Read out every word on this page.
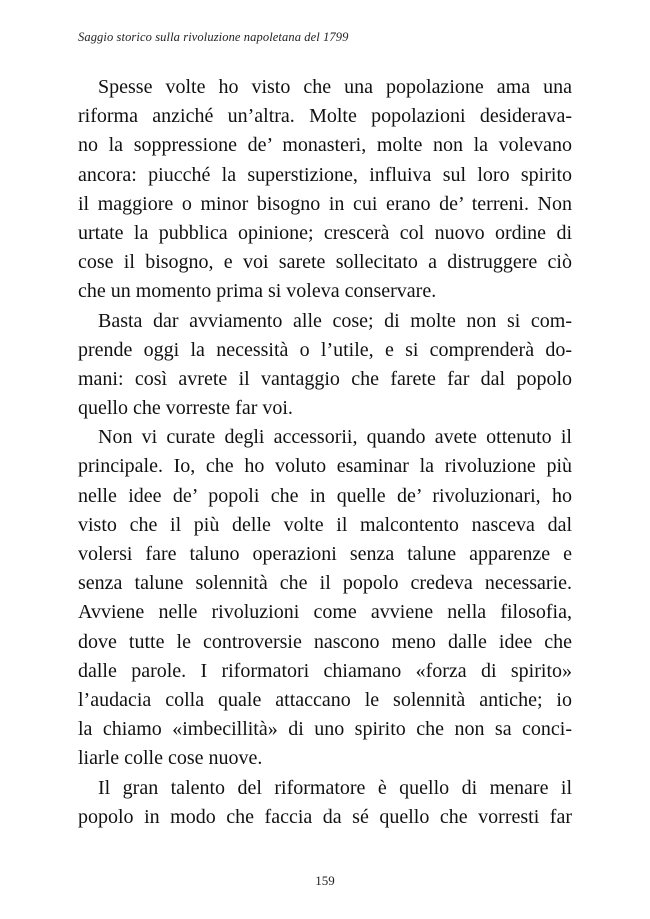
Saggio storico sulla rivoluzione napoletana del 1799
Spesse volte ho visto che una popolazione ama una
riforma anziché un’altra. Molte popolazioni desiderava-
no la soppressione de’ monasteri, molte non la volevano
ancora: piucché la superstizione, influiva sul loro spirito
il maggiore o minor bisogno in cui erano de’ terreni. Non
urtate la pubblica opinione; crescerà col nuovo ordine di
cose il bisogno, e voi sarete sollecitato a distruggere ciò
che un momento prima si voleva conservare.
Basta dar avviamento alle cose; di molte non si com-
prende oggi la necessità o l’utile, e si comprenderà do-
mani: così avrete il vantaggio che farete far dal popolo
quello che vorreste far voi.
Non vi curate degli accessorii, quando avete ottenuto il
principale. Io, che ho voluto esaminar la rivoluzione più
nelle idee de’ popoli che in quelle de’ rivoluzionari, ho
visto che il più delle volte il malcontento nasceva dal
volersi fare taluno operazioni senza talune apparenze e
senza talune solennità che il popolo credeva necessarie.
Avviene nelle rivoluzioni come avviene nella filosofia,
dove tutte le controversie nascono meno dalle idee che
dalle parole. I riformatori chiamano «forza di spirito»
l’audacia colla quale attaccano le solennità antiche; io
la chiamo «imbecillità» di uno spirito che non sa conci-
liarle colle cose nuove.
Il gran talento del riformatore è quello di menare il
popolo in modo che faccia da sé quello che vorresti far
159
